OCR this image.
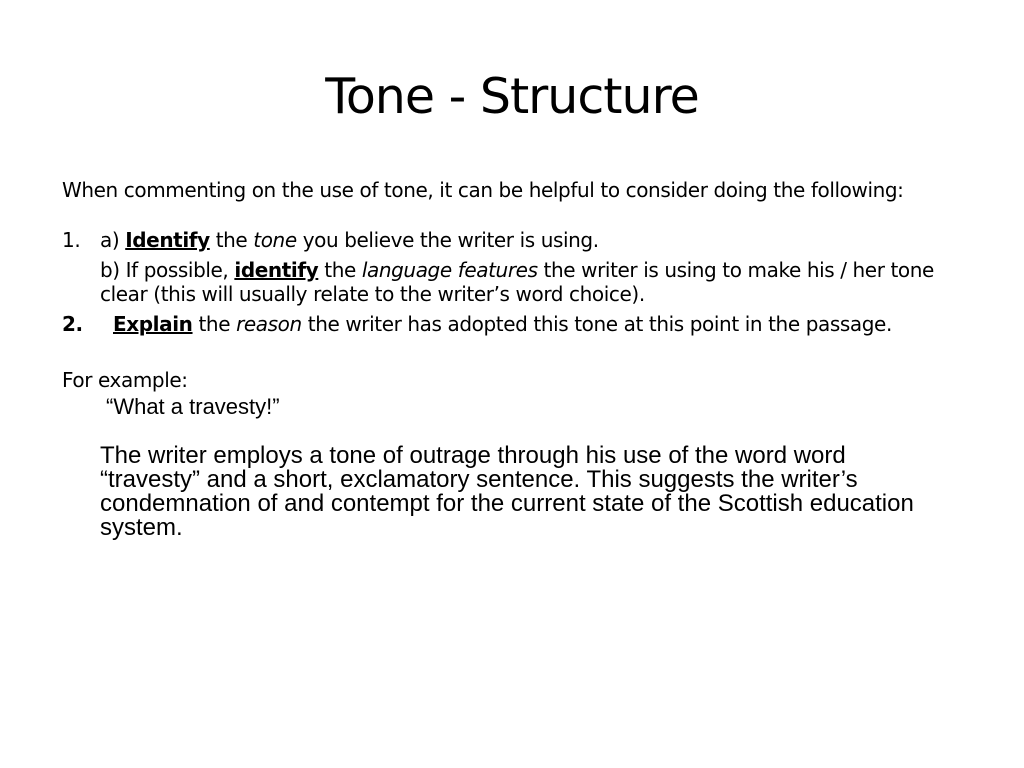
Tone - Structure

When commenting on the use of tone, it can be helpful to consider doing the following:

1. a) Identify the tone you believe the writer is using.
b) If possible, identify the language features the writer is using to make his / her tone clear (this will usually relate to the writer’s word choice).
2. Explain the reason the writer has adopted this tone at this point in the passage.

For example:

“What a travesty!”

The writer employs a tone of outrage through his use of the word word “travesty” and a short, exclamatory sentence. This suggests the writer’s condemnation of and contempt for the current state of the Scottish education system.
